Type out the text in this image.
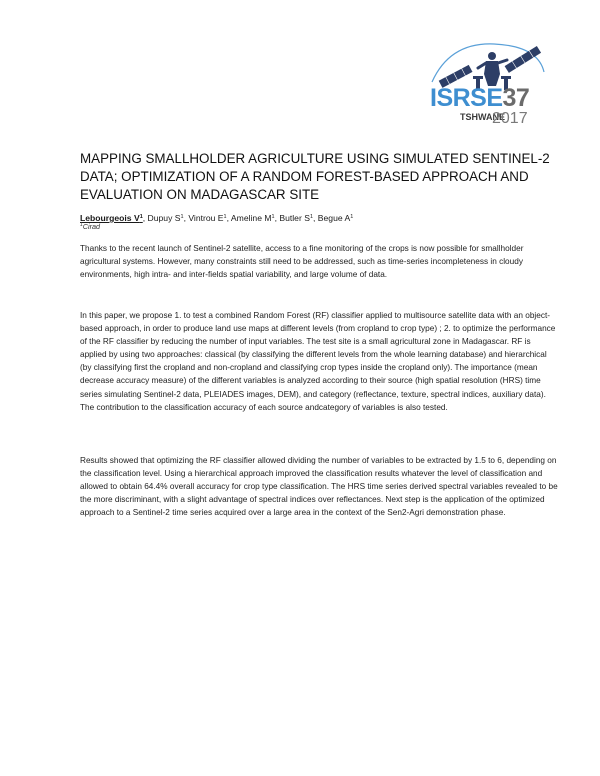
ISRSE37
TSHWANE
2017
MAPPING SMALLHOLDER AGRICULTURE USING SIMULATED SENTINEL-2 DATA; OPTIMIZATION OF A RANDOM FOREST-BASED APPROACH AND EVALUATION ON MADAGASCAR SITE
Lebourgeois $V^1$, Dupuy $S^1$, Vintrou $E^1$, Ameline $M^1$, Butler $S^1$, Begue $A^1$
$^1$Cirad

Thanks to the recent launch of Sentinel-2 satellite, access to a fine monitoring of the crops is now possible for smallholder agricultural systems. However, many constraints still need to be addressed, such as time-series incompleteness in cloudy environments, high intra- and inter-fields spatial variability, and large volume of data.

In this paper, we propose 1. to test a combined Random Forest (RF) classifier applied to multisource satellite data with an object-based approach, in order to produce land use maps at different levels (from cropland to crop type) ; 2. to optimize the performance of the RF classifier by reducing the number of input variables. The test site is a small agricultural zone in Madagascar. RF is applied by using two approaches: classical (by classifying the different levels from the whole learning database) and hierarchical (by classifying first the cropland and non-cropland and classifying crop types inside the cropland only). The importance (mean decrease accuracy measure) of the different variables is analyzed according to their source (high spatial resolution (HRS) time series simulating Sentinel-2 data, PLEIADES images, DEM), and category (reflectance, texture, spectral indices, auxiliary data). The contribution to the classification accuracy of each source andcategory of variables is also tested.

Results showed that optimizing the RF classifier allowed dividing the number of variables to be extracted by 1.5 to 6, depending on the classification level. Using a hierarchical approach improved the classification results whatever the level of classification and allowed to obtain 64.4% overall accuracy for crop type classification. The HRS time series derived spectral variables revealed to be the more discriminant, with a slight advantage of spectral indices over reflectances. Next step is the application of the optimized approach to a Sentinel-2 time series acquired over a large area in the context of the Sen2-Agri demonstration phase.
